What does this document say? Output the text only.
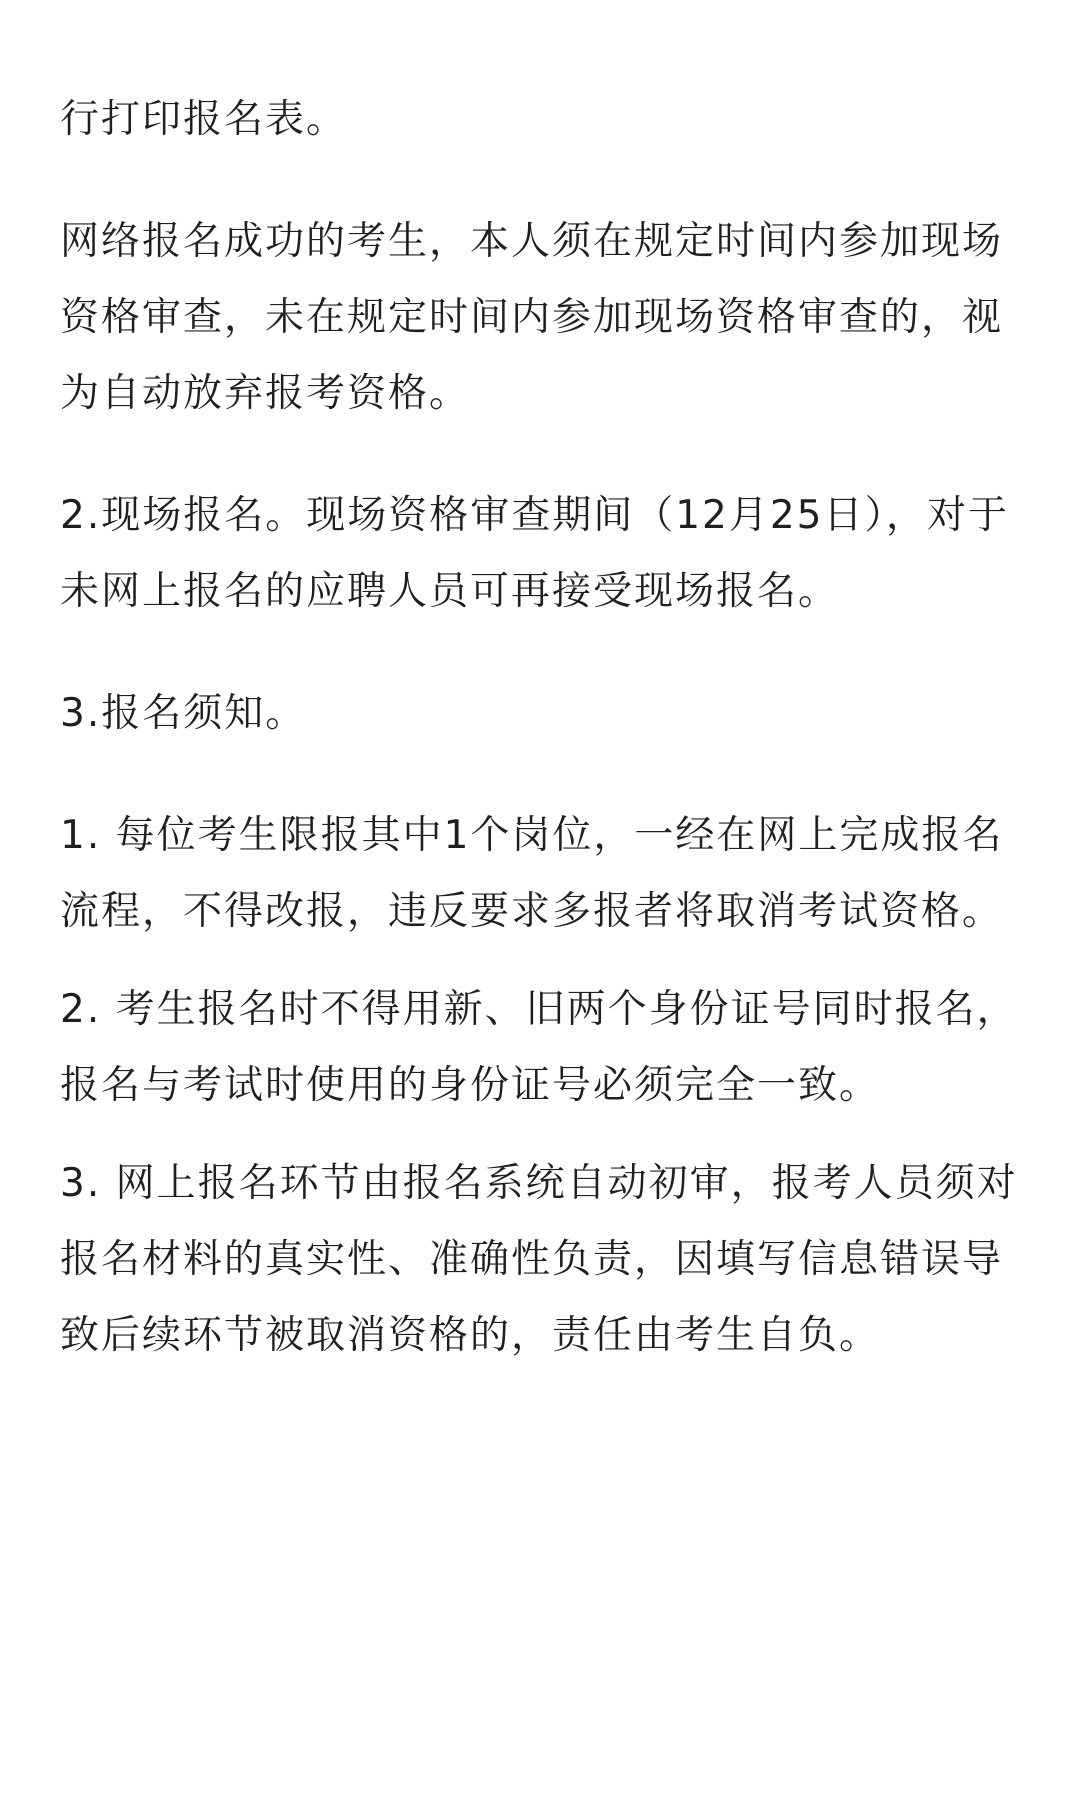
行打印报名表。

网络报名成功的考生，本人须在规定时间内参加现场资格审查，未在规定时间内参加现场资格审查的，视为自动放弃报考资格。

2.现场报名。现场资格审查期间（12月25日），对于未网上报名的应聘人员可再接受现场报名。

3.报名须知。

1. 每位考生限报其中1个岗位，一经在网上完成报名流程，不得改报，违反要求多报者将取消考试资格。

2. 考生报名时不得用新、旧两个身份证号同时报名，报名与考试时使用的身份证号必须完全一致。

3. 网上报名环节由报名系统自动初审，报考人员须对报名材料的真实性、准确性负责，因填写信息错误导致后续环节被取消资格的，责任由考生自负。
